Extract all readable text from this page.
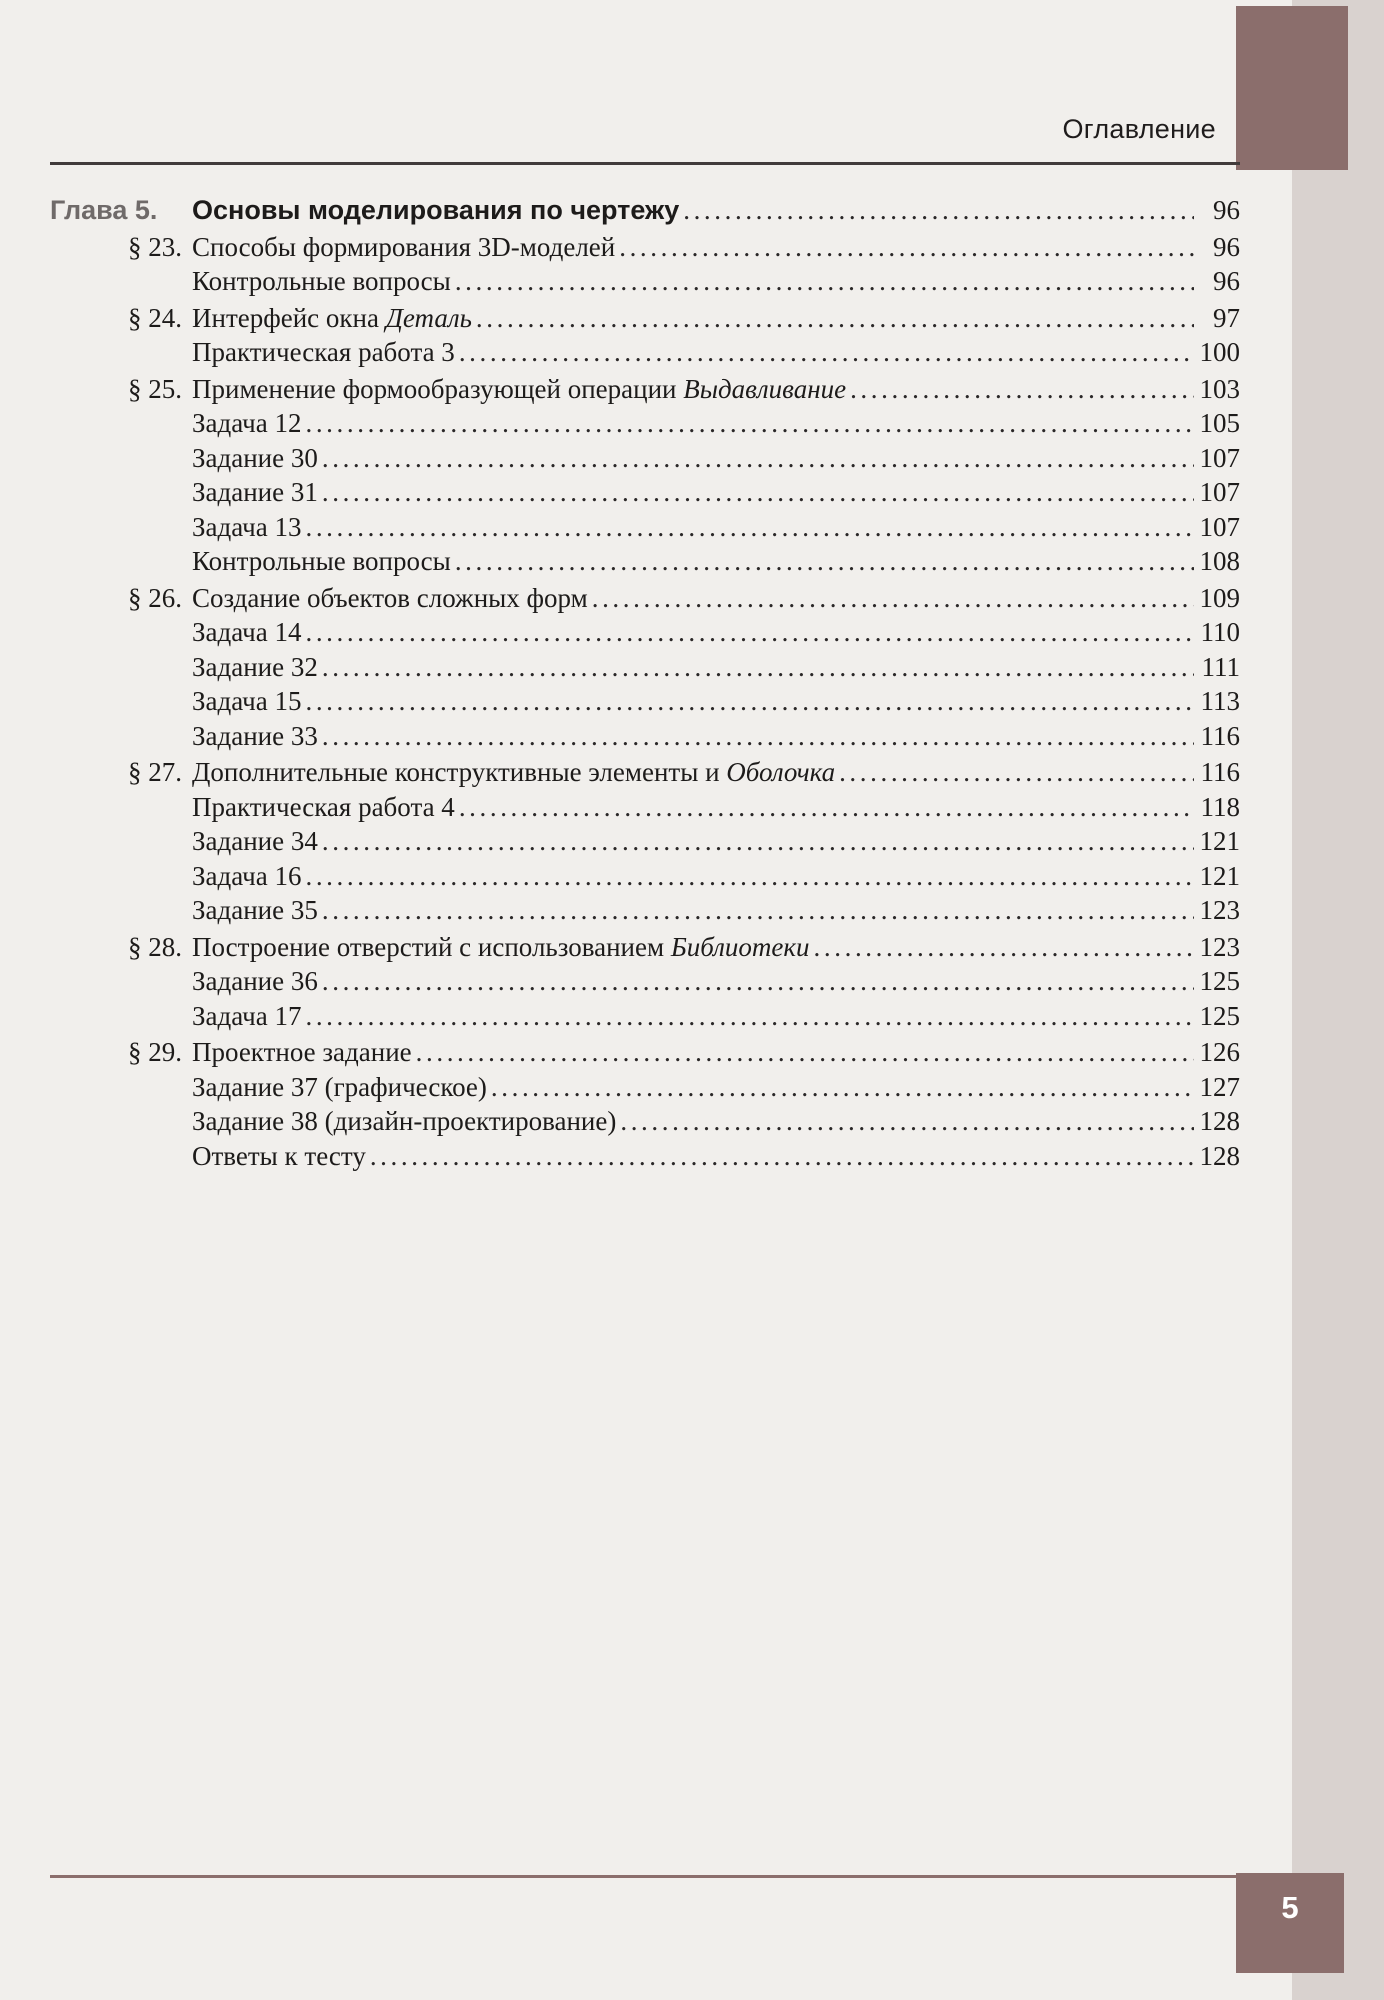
Оглавление
Глава 5.	Основы моделирования по чертежу .....	96
§ 23. Способы формирования 3D-моделей .....	96
Контрольные вопросы .....	96
§ 24. Интерфейс окна Деталь .....	97
Практическая работа 3 .....	100
§ 25. Применение формообразующей операции Выдавливание .....	103
Задача 12 .....	105
Задание 30 .....	107
Задание 31 .....	107
Задача 13 .....	107
Контрольные вопросы .....	108
§ 26. Создание объектов сложных форм .....	109
Задача 14 .....	110
Задание 32 .....	111
Задача 15 .....	113
Задание 33 .....	116
§ 27. Дополнительные конструктивные элементы и Оболочка .....	116
Практическая работа 4 .....	118
Задание 34 .....	121
Задача 16 .....	121
Задание 35 .....	123
§ 28. Построение отверстий с использованием Библиотеки .....	123
Задание 36 .....	125
Задача 17 .....	125
§ 29. Проектное задание .....	126
Задание 37 (графическое) .....	127
Задание 38 (дизайн-проектирование) .....	128
Ответы к тесту .....	128
5
